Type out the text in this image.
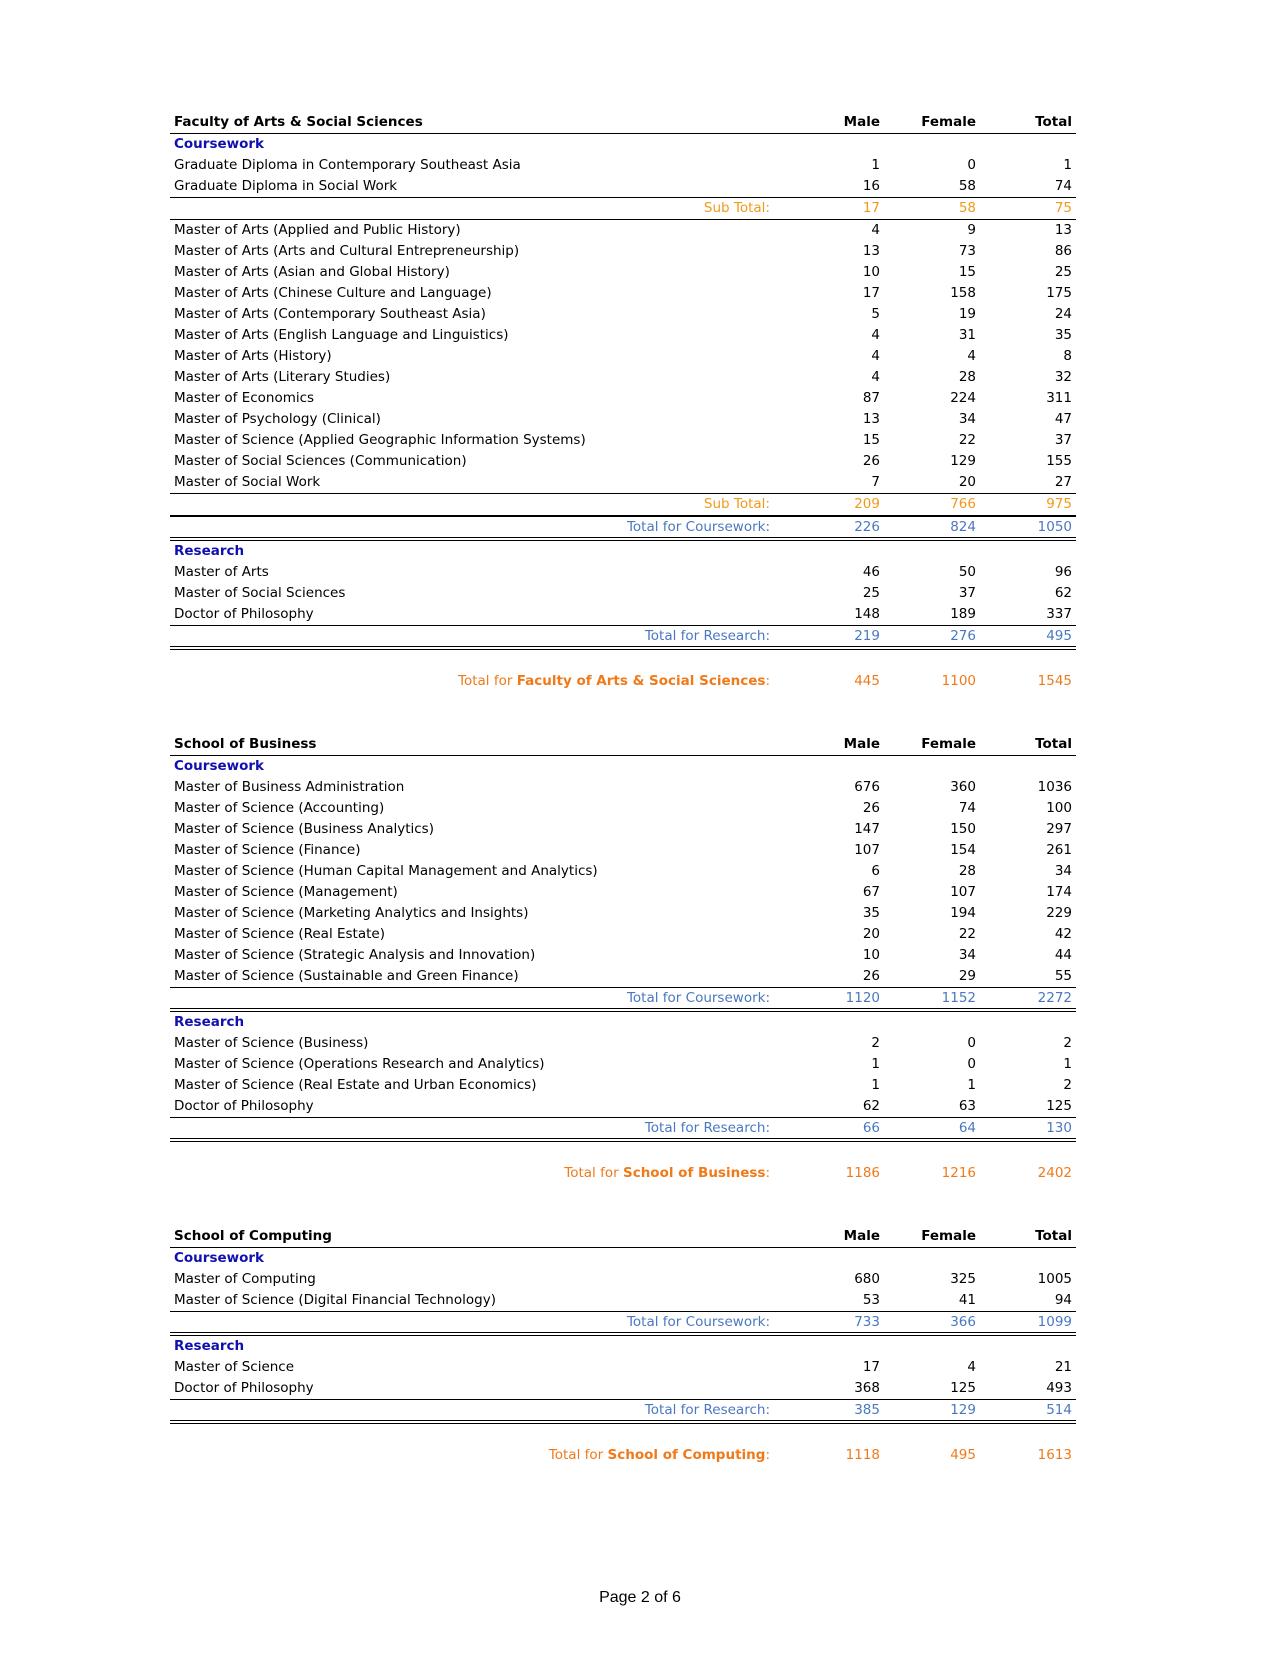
Faculty of Arts & Social Sciences	Male	Female	Total
Coursework
Graduate Diploma in Contemporary Southeast Asia	1	0	1
Graduate Diploma in Social Work	16	58	74
Sub Total:	17	58	75
Master of Arts (Applied and Public History)	4	9	13
Master of Arts (Arts and Cultural Entrepreneurship)	13	73	86
Master of Arts (Asian and Global History)	10	15	25
Master of Arts (Chinese Culture and Language)	17	158	175
Master of Arts (Contemporary Southeast Asia)	5	19	24
Master of Arts (English Language and Linguistics)	4	31	35
Master of Arts (History)	4	4	8
Master of Arts (Literary Studies)	4	28	32
Master of Economics	87	224	311
Master of Psychology (Clinical)	13	34	47
Master of Science (Applied Geographic Information Systems)	15	22	37
Master of Social Sciences (Communication)	26	129	155
Master of Social Work	7	20	27
Sub Total:	209	766	975
Total for Coursework:	226	824	1050
Research
Master of Arts	46	50	96
Master of Social Sciences	25	37	62
Doctor of Philosophy	148	189	337
Total for Research:	219	276	495
Total for Faculty of Arts & Social Sciences:	445	1100	1545
School of Business	Male	Female	Total
Coursework
Master of Business Administration	676	360	1036
Master of Science (Accounting)	26	74	100
Master of Science (Business Analytics)	147	150	297
Master of Science (Finance)	107	154	261
Master of Science (Human Capital Management and Analytics)	6	28	34
Master of Science (Management)	67	107	174
Master of Science (Marketing Analytics and Insights)	35	194	229
Master of Science (Real Estate)	20	22	42
Master of Science (Strategic Analysis and Innovation)	10	34	44
Master of Science (Sustainable and Green Finance)	26	29	55
Total for Coursework:	1120	1152	2272
Research
Master of Science (Business)	2	0	2
Master of Science (Operations Research and Analytics)	1	0	1
Master of Science (Real Estate and Urban Economics)	1	1	2
Doctor of Philosophy	62	63	125
Total for Research:	66	64	130
Total for School of Business:	1186	1216	2402
School of Computing	Male	Female	Total
Coursework
Master of Computing	680	325	1005
Master of Science (Digital Financial Technology)	53	41	94
Total for Coursework:	733	366	1099
Research
Master of Science	17	4	21
Doctor of Philosophy	368	125	493
Total for Research:	385	129	514
Total for School of Computing:	1118	495	1613
Page 2 of 6
